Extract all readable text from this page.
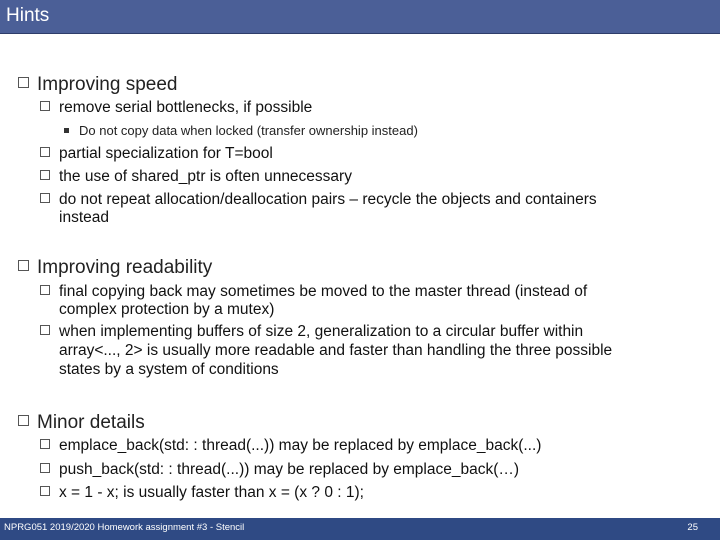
Hints
Improving speed
remove serial bottlenecks, if possible
Do not copy data when locked (transfer ownership instead)
partial specialization for T=bool
the use of shared_ptr is often unnecessary
do not repeat allocation/deallocation pairs – recycle the objects and containers
instead
Improving readability
final copying back may sometimes be moved to the master thread (instead of
complex protection by a mutex)
when implementing buffers of size 2, generalization to a circular buffer within
array<..., 2> is usually more readable and faster than handling the three possible
states by a system of conditions
Minor details
emplace_back(std: : thread(...)) may be replaced by emplace_back(...)
push_back(std: : thread(...)) may be replaced by emplace_back(…)
x = 1 - x; is usually faster than x = (x ? 0 : 1);
NPRG051 2019/2020 Homework assignment #3 - Stencil	25
